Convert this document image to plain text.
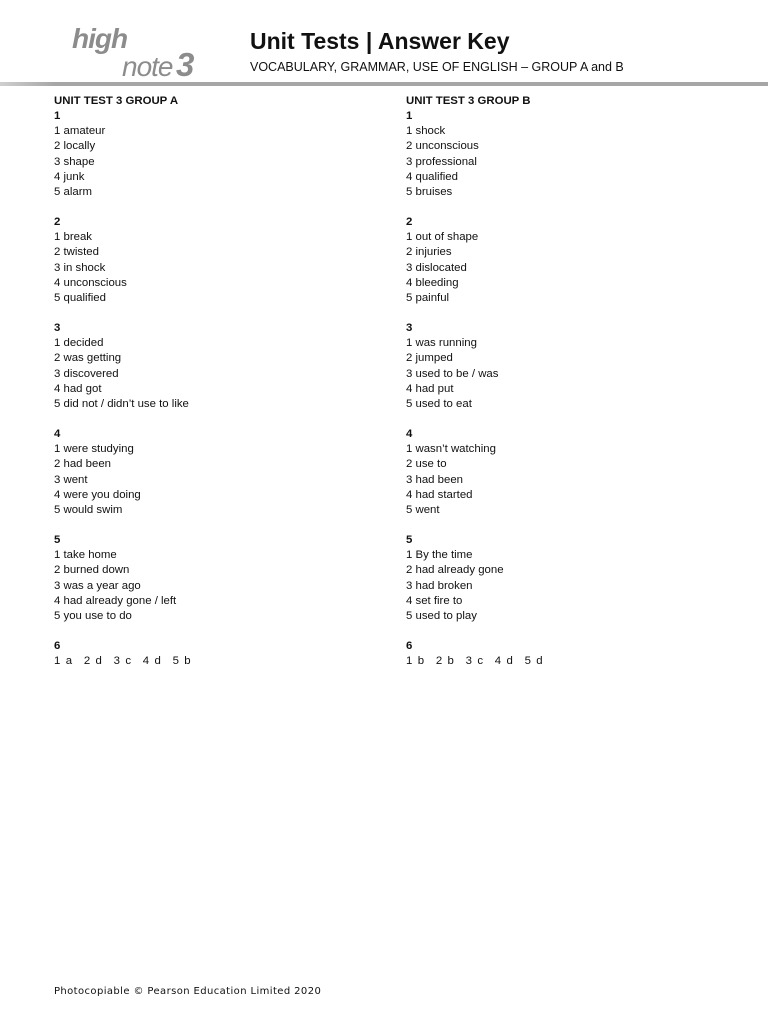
high
note 3
Unit Tests | Answer Key

VOCABULARY, GRAMMAR, USE OF ENGLISH – GROUP A and B

UNIT TEST 3 GROUP A
1
1 amateur
2 locally
3 shape
4 junk
5 alarm
2
1 break
2 twisted
3 in shock
4 unconscious
5 qualified
3
1 decided
2 was getting
3 discovered
4 had got
5 did not / didn’t use to like
4
1 were studying
2 had been
3 went
4 were you doing
5 would swim
5
1 take home
2 burned down
3 was a year ago
4 had already gone / left
5 you use to do
6
1 a 2 d 3 c 4 d 5 b
UNIT TEST 3 GROUP B
1
1 shock
2 unconscious
3 professional
4 qualified
5 bruises
2
1 out of shape
2 injuries
3 dislocated
4 bleeding
5 painful
3
1 was running
2 jumped
3 used to be / was
4 had put
5 used to eat
4
1 wasn’t watching
2 use to
3 had been
4 had started
5 went
5
1 By the time
2 had already gone
3 had broken
4 set fire to
5 used to play
6
1 b 2 b 3 c 4 d 5 d
Photocopiable © Pearson Education Limited 2020
